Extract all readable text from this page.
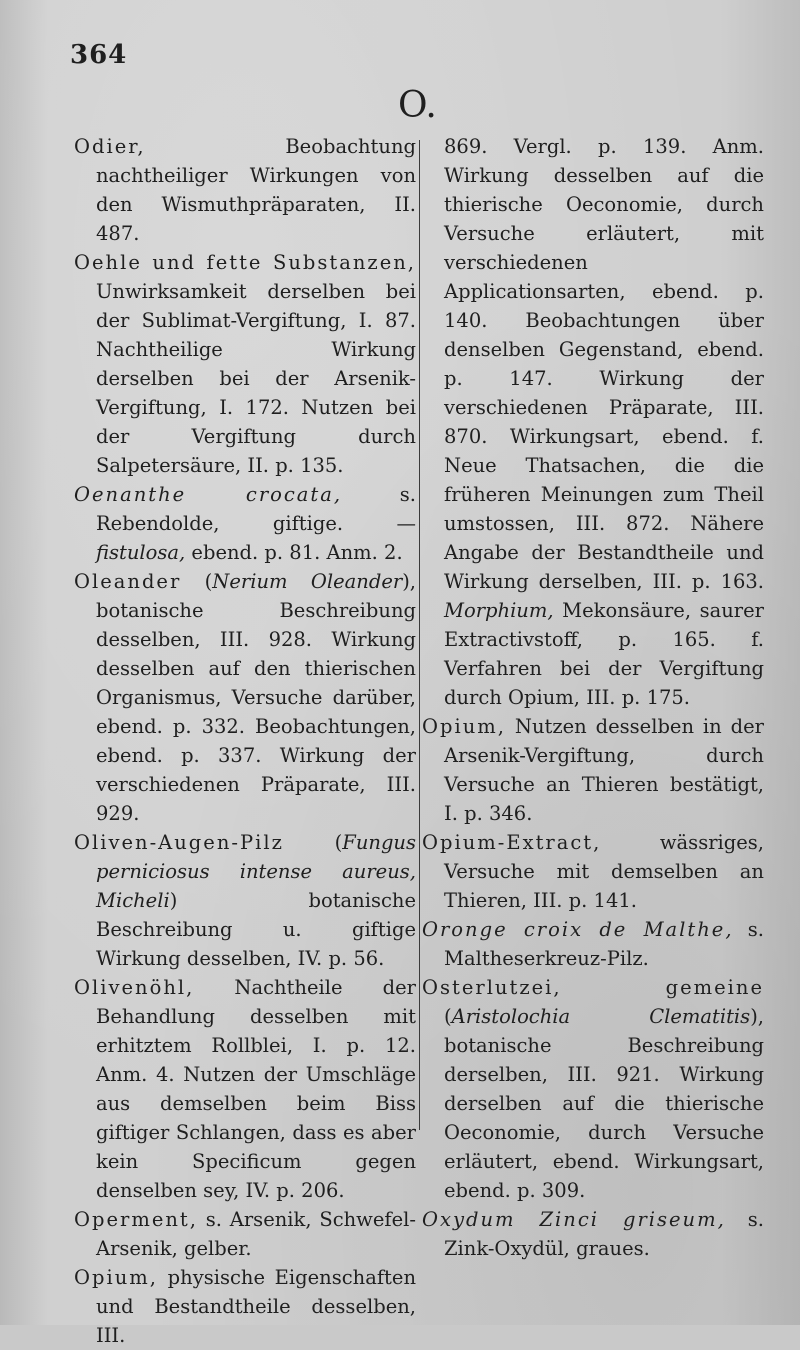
364
O.

Odier, Beobachtung nachtheiliger Wirkungen von den Wismuthpräparaten, II. 487.

Oehle und fette Substanzen, Unwirksamkeit derselben bei der Sublimat-Vergiftung, I. 87. Nachtheilige Wirkung derselben bei der Arsenik-Vergiftung, I. 172. Nutzen bei der Vergiftung durch Salpetersäure, II. p. 135.

Oenanthe crocata, s. Rebendolde, giftige. — fistulosa, ebend. p. 81. Anm. 2.

Oleander (Nerium Oleander), botanische Beschreibung desselben, III. 928. Wirkung desselben auf den thierischen Organismus, Versuche darüber, ebend. p. 332. Beobachtungen, ebend. p. 337. Wirkung der verschiedenen Präparate, III. 929.

Oliven-Augen-Pilz (Fungus perniciosus intense aureus, Micheli) botanische Beschreibung u. giftige Wirkung desselben, IV. p. 56.

Olivenöhl, Nachtheile der Behandlung desselben mit erhitztem Rollblei, I. p. 12. Anm. 4. Nutzen der Umschläge aus demselben beim Biss giftiger Schlangen, dass es aber kein Specificum gegen denselben sey, IV. p. 206.

Operment, s. Arsenik, Schwefel-Arsenik, gelber.

Opium, physische Eigenschaften und Bestandtheile desselben, III.

869. Vergl. p. 139. Anm. Wirkung desselben auf die thierische Oeconomie, durch Versuche erläutert, mit verschiedenen Applicationsarten, ebend. p. 140. Beobachtungen über denselben Gegenstand, ebend. p. 147. Wirkung der verschiedenen Präparate, III. 870. Wirkungsart, ebend. f. Neue Thatsachen, die die früheren Meinungen zum Theil umstossen, III. 872. Nähere Angabe der Bestandtheile und Wirkung derselben, III. p. 163. Morphium, Mekonsäure, saurer Extractivstoff, p. 165. f. Verfahren bei der Vergiftung durch Opium, III. p. 175.

Opium, Nutzen desselben in der Arsenik-Vergiftung, durch Versuche an Thieren bestätigt, I. p. 346.

Opium-Extract, wässriges, Versuche mit demselben an Thieren, III. p. 141.

Oronge croix de Malthe, s. Maltheserkreuz-Pilz.

Osterlutzei, gemeine (Aristolochia Clematitis), botanische Beschreibung derselben, III. 921. Wirkung derselben auf die thierische Oeconomie, durch Versuche erläutert, ebend. Wirkungsart, ebend. p. 309.

Oxydum Zinci griseum, s. Zink-Oxydül, graues.
